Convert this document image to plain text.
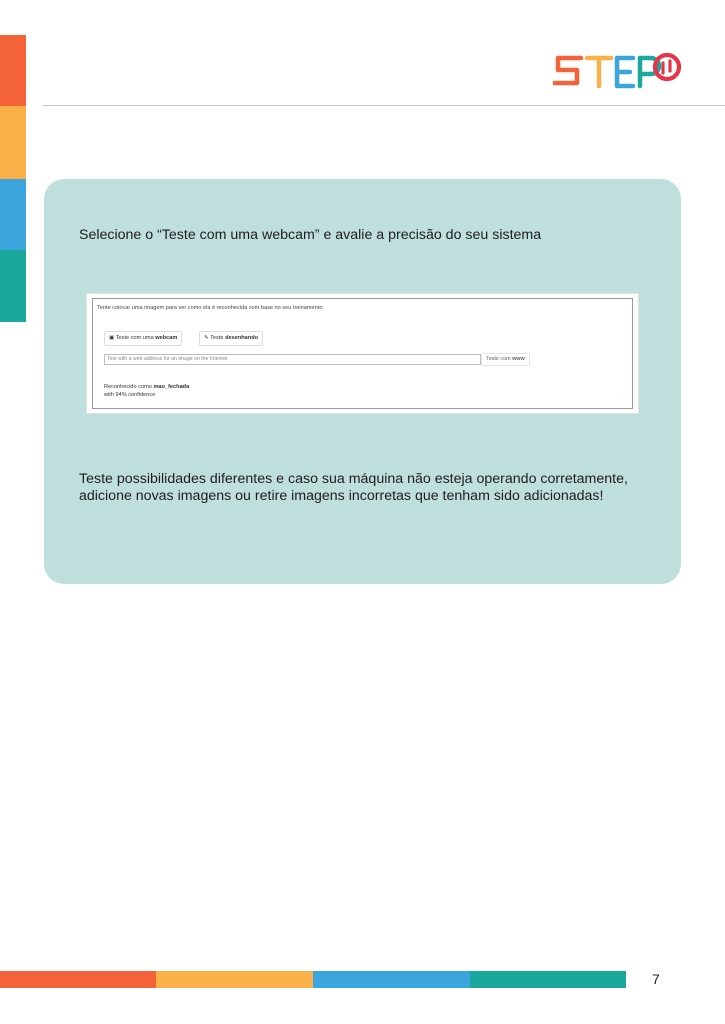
Selecione o “Teste com uma webcam” e avalie a precisão do seu sistema
Tente colocar uma imagem para ver como ela é reconhecida com base no seu treinamento:
▣ Teste com uma webcam	✎ Teste desenhando
Test with a web address for an image on the Internet	Teste com www
Reconhecido como mao_fechada
with 94% confidence
Teste possibilidades diferentes e caso sua máquina não esteja operando corretamente, adicione novas imagens ou retire imagens incorretas que tenham sido adicionadas!
7
